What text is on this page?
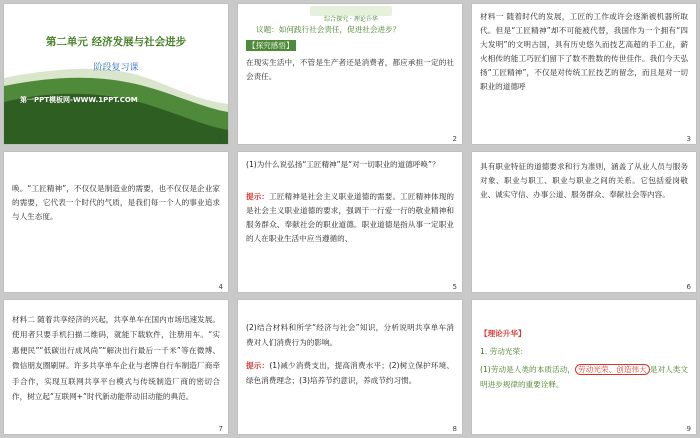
第二单元 经济发展与社会进步
阶段复习课
第一PPT模板网-WWW.1PPT.COM
1
综合探究 · 理论升华
议题：如何践行社会责任，促进社会进步？
【探究感悟】
在现实生活中，不管是生产者还是消费者，都应承担一定的社会责任。
2
材料一 随着时代的发展，工匠的工作或许会逐渐被机器所取代。但是“工匠精神”却不可能被代替，我国作为一个拥有“四大发明”的文明古国，具有历史悠久而技艺高超的手工业，薪火相传的能工巧匠们留下了数不胜数的传世佳作。我们今天弘扬“工匠精神”，不仅是对传统工匠技艺的留念，而且是对一切职业的道德呼
3
唤。“工匠精神”，不仅仅是制造业的需要，也不仅仅是企业家的需要，它代表一个时代的气质，是我们每一个人的事业追求与人生态度。
4
(1)为什么说弘扬“工匠精神”是“对一切职业的道德呼唤”？
提示：工匠精神是社会主义职业道德的需要。工匠精神体现的是社会主义职业道德的要求，强调干一行爱一行的敬业精神和服务群众、奉献社会的职业道德。职业道德是指从事一定职业的人在职业生活中应当遵循的、
5
具有职业特征的道德要求和行为准则，涵盖了从业人员与服务对象、职业与职工、职业与职业之间的关系。它包括爱岗敬业、诚实守信、办事公道、服务群众、奉献社会等内容。
6
材料二 随着共享经济的兴起，共享单车在国内市场迅速发展。使用者只要手机扫描二维码，就能下载软件，注册用车。“实惠便民”“低碳出行成风尚”“解决出行最后一千米”等在微博、微信朋友圈刷屏。许多共享单车企业与老牌自行车制造厂商牵手合作，实现互联网共享平台模式与传统制造厂商的密切合作，树立起“互联网+”时代新动能带动旧动能的典范。
7
(2)结合材料和所学“经济与社会”知识，分析说明共享单车消费对人们消费行为的影响。
提示：(1)减少消费支出，提高消费水平；(2)树立保护环境、绿色消费理念；(3)培养节约意识，养成节约习惯。
8
【理论升华】
1. 劳动光荣：
(1)劳动是人类的本质活动， 劳动光荣、创造伟大 是对人类文明进步规律的重要诠释。
9
